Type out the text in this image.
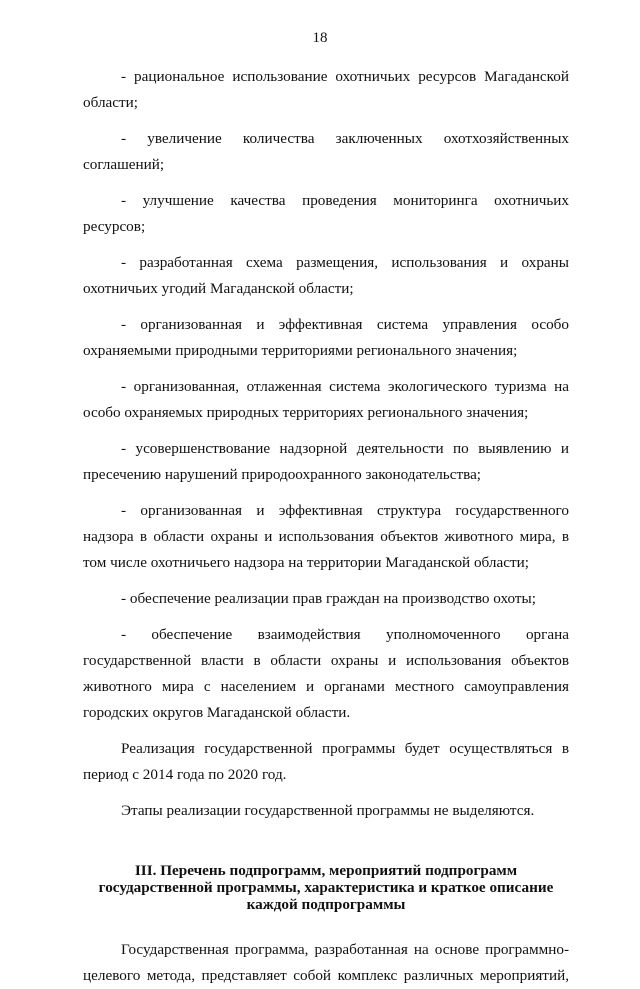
18

- рациональное использование охотничьих ресурсов Магаданской области;

- увеличение количества заключенных охотхозяйственных соглашений;

- улучшение качества проведения мониторинга охотничьих ресурсов;

- разработанная схема размещения, использования и охраны охотничьих угодий Магаданской области;

- организованная и эффективная система управления особо охраняемыми природными территориями регионального значения;

- организованная, отлаженная система экологического туризма на особо охраняемых природных территориях регионального значения;

- усовершенствование надзорной деятельности по выявлению и пресечению нарушений природоохранного законодательства;

- организованная и эффективная структура государственного надзора в области охраны и использования объектов животного мира, в том числе охотничьего надзора на территории Магаданской области;

- обеспечение реализации прав граждан на производство охоты;

- обеспечение взаимодействия уполномоченного органа государственной власти в области охраны и использования объектов животного мира с населением и органами местного самоуправления городских округов Магаданской области.

Реализация государственной программы будет осуществляться в период с 2014 года по 2020 год.

Этапы реализации государственной программы не выделяются.

III. Перечень подпрограмм, мероприятий подпрограмм
государственной программы, характеристика и краткое описание
каждой подпрограммы

Государственная программа, разработанная на основе программно-целевого метода, представляет собой комплекс различных мероприятий,
